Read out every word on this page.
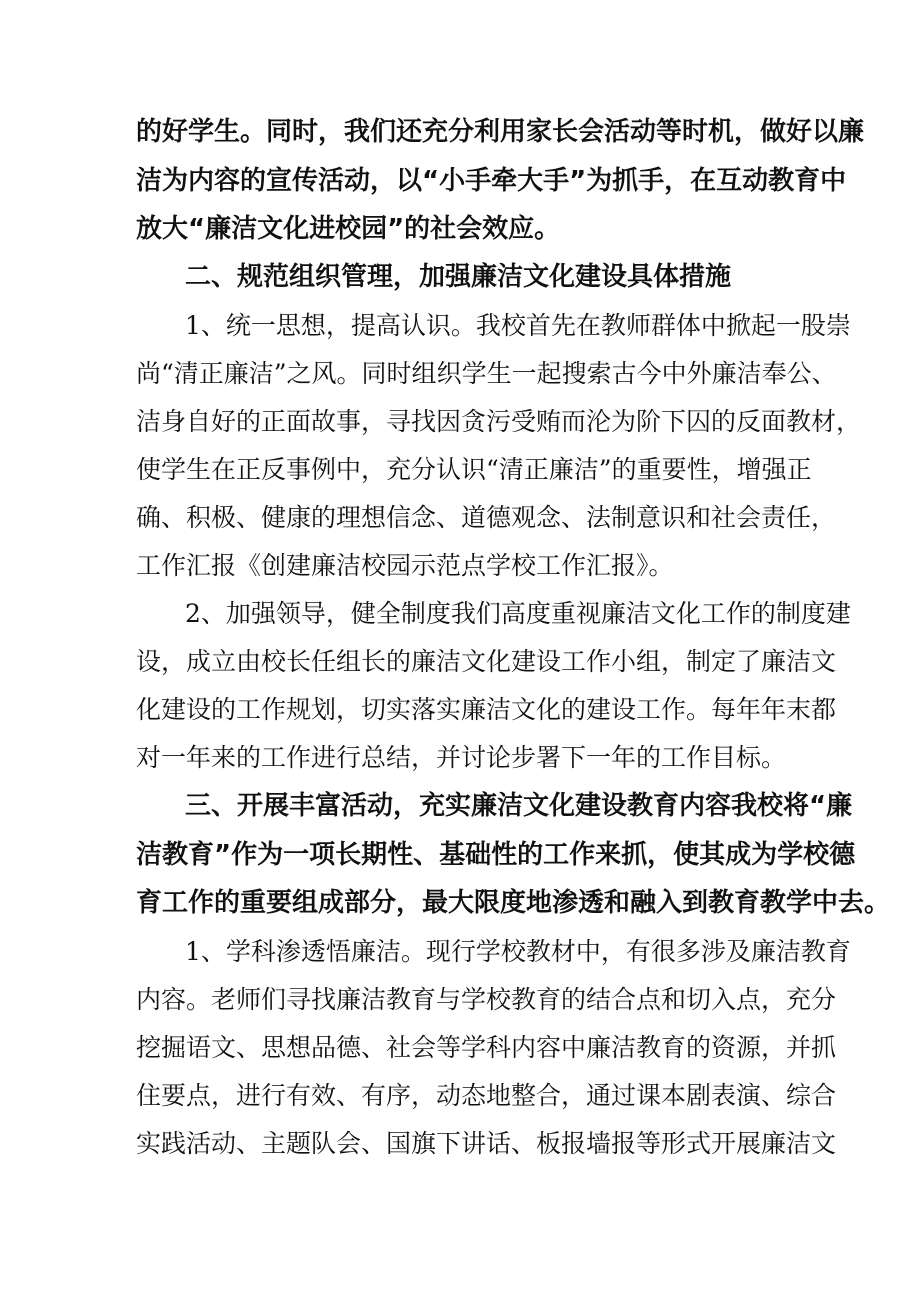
的好学生。同时，我们还充分利用家长会活动等时机，做好以廉
洁为内容的宣传活动，以“小手牵大手”为抓手，在互动教育中
放大“廉洁文化进校园”的社会效应。
二、规范组织管理，加强廉洁文化建设具体措施
1、统一思想，提高认识。我校首先在教师群体中掀起一股崇
尚“清正廉洁”之风。同时组织学生一起搜索古今中外廉洁奉公、
洁身自好的正面故事，寻找因贪污受贿而沦为阶下囚的反面教材，
使学生在正反事例中，充分认识“清正廉洁”的重要性，增强正
确、积极、健康的理想信念、道德观念、法制意识和社会责任，
工作汇报《创建廉洁校园示范点学校工作汇报》。
2、加强领导，健全制度我们高度重视廉洁文化工作的制度建
设，成立由校长任组长的廉洁文化建设工作小组，制定了廉洁文
化建设的工作规划，切实落实廉洁文化的建设工作。每年年末都
对一年来的工作进行总结，并讨论步署下一年的工作目标。
三、开展丰富活动，充实廉洁文化建设教育内容我校将“廉
洁教育”作为一项长期性、基础性的工作来抓，使其成为学校德
育工作的重要组成部分，最大限度地渗透和融入到教育教学中去。
1、学科渗透悟廉洁。现行学校教材中，有很多涉及廉洁教育
内容。老师们寻找廉洁教育与学校教育的结合点和切入点，充分
挖掘语文、思想品德、社会等学科内容中廉洁教育的资源，并抓
住要点，进行有效、有序，动态地整合，通过课本剧表演、综合
实践活动、主题队会、国旗下讲话、板报墙报等形式开展廉洁文
